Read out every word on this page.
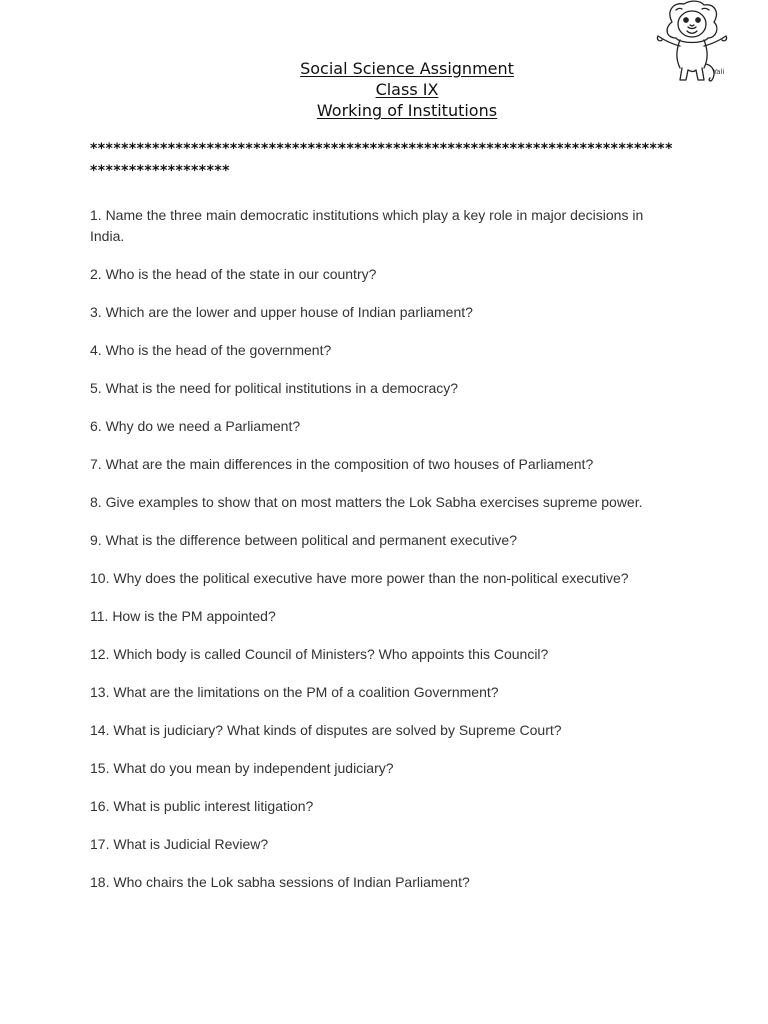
Yali
Social Science Assignment
Class IX
Working of Institutions
*********************************************************************************************
1. Name the three main democratic institutions which play a key role in major decisions in India.
2. Who is the head of the state in our country?
3. Which are the lower and upper house of Indian parliament?
4. Who is the head of the government?
5. What is the need for political institutions in a democracy?
6. Why do we need a Parliament?
7. What are the main differences in the composition of two houses of Parliament?
8. Give examples to show that on most matters the Lok Sabha exercises supreme power.
9. What is the difference between political and permanent executive?
10. Why does the political executive have more power than the non-political executive?
11. How is the PM appointed?
12. Which body is called Council of Ministers? Who appoints this Council?
13. What are the limitations on the PM of a coalition Government?
14. What is judiciary? What kinds of disputes are solved by Supreme Court?
15. What do you mean by independent judiciary?
16. What is public interest litigation?
17. What is Judicial Review?
18. Who chairs the Lok sabha sessions of Indian Parliament?
